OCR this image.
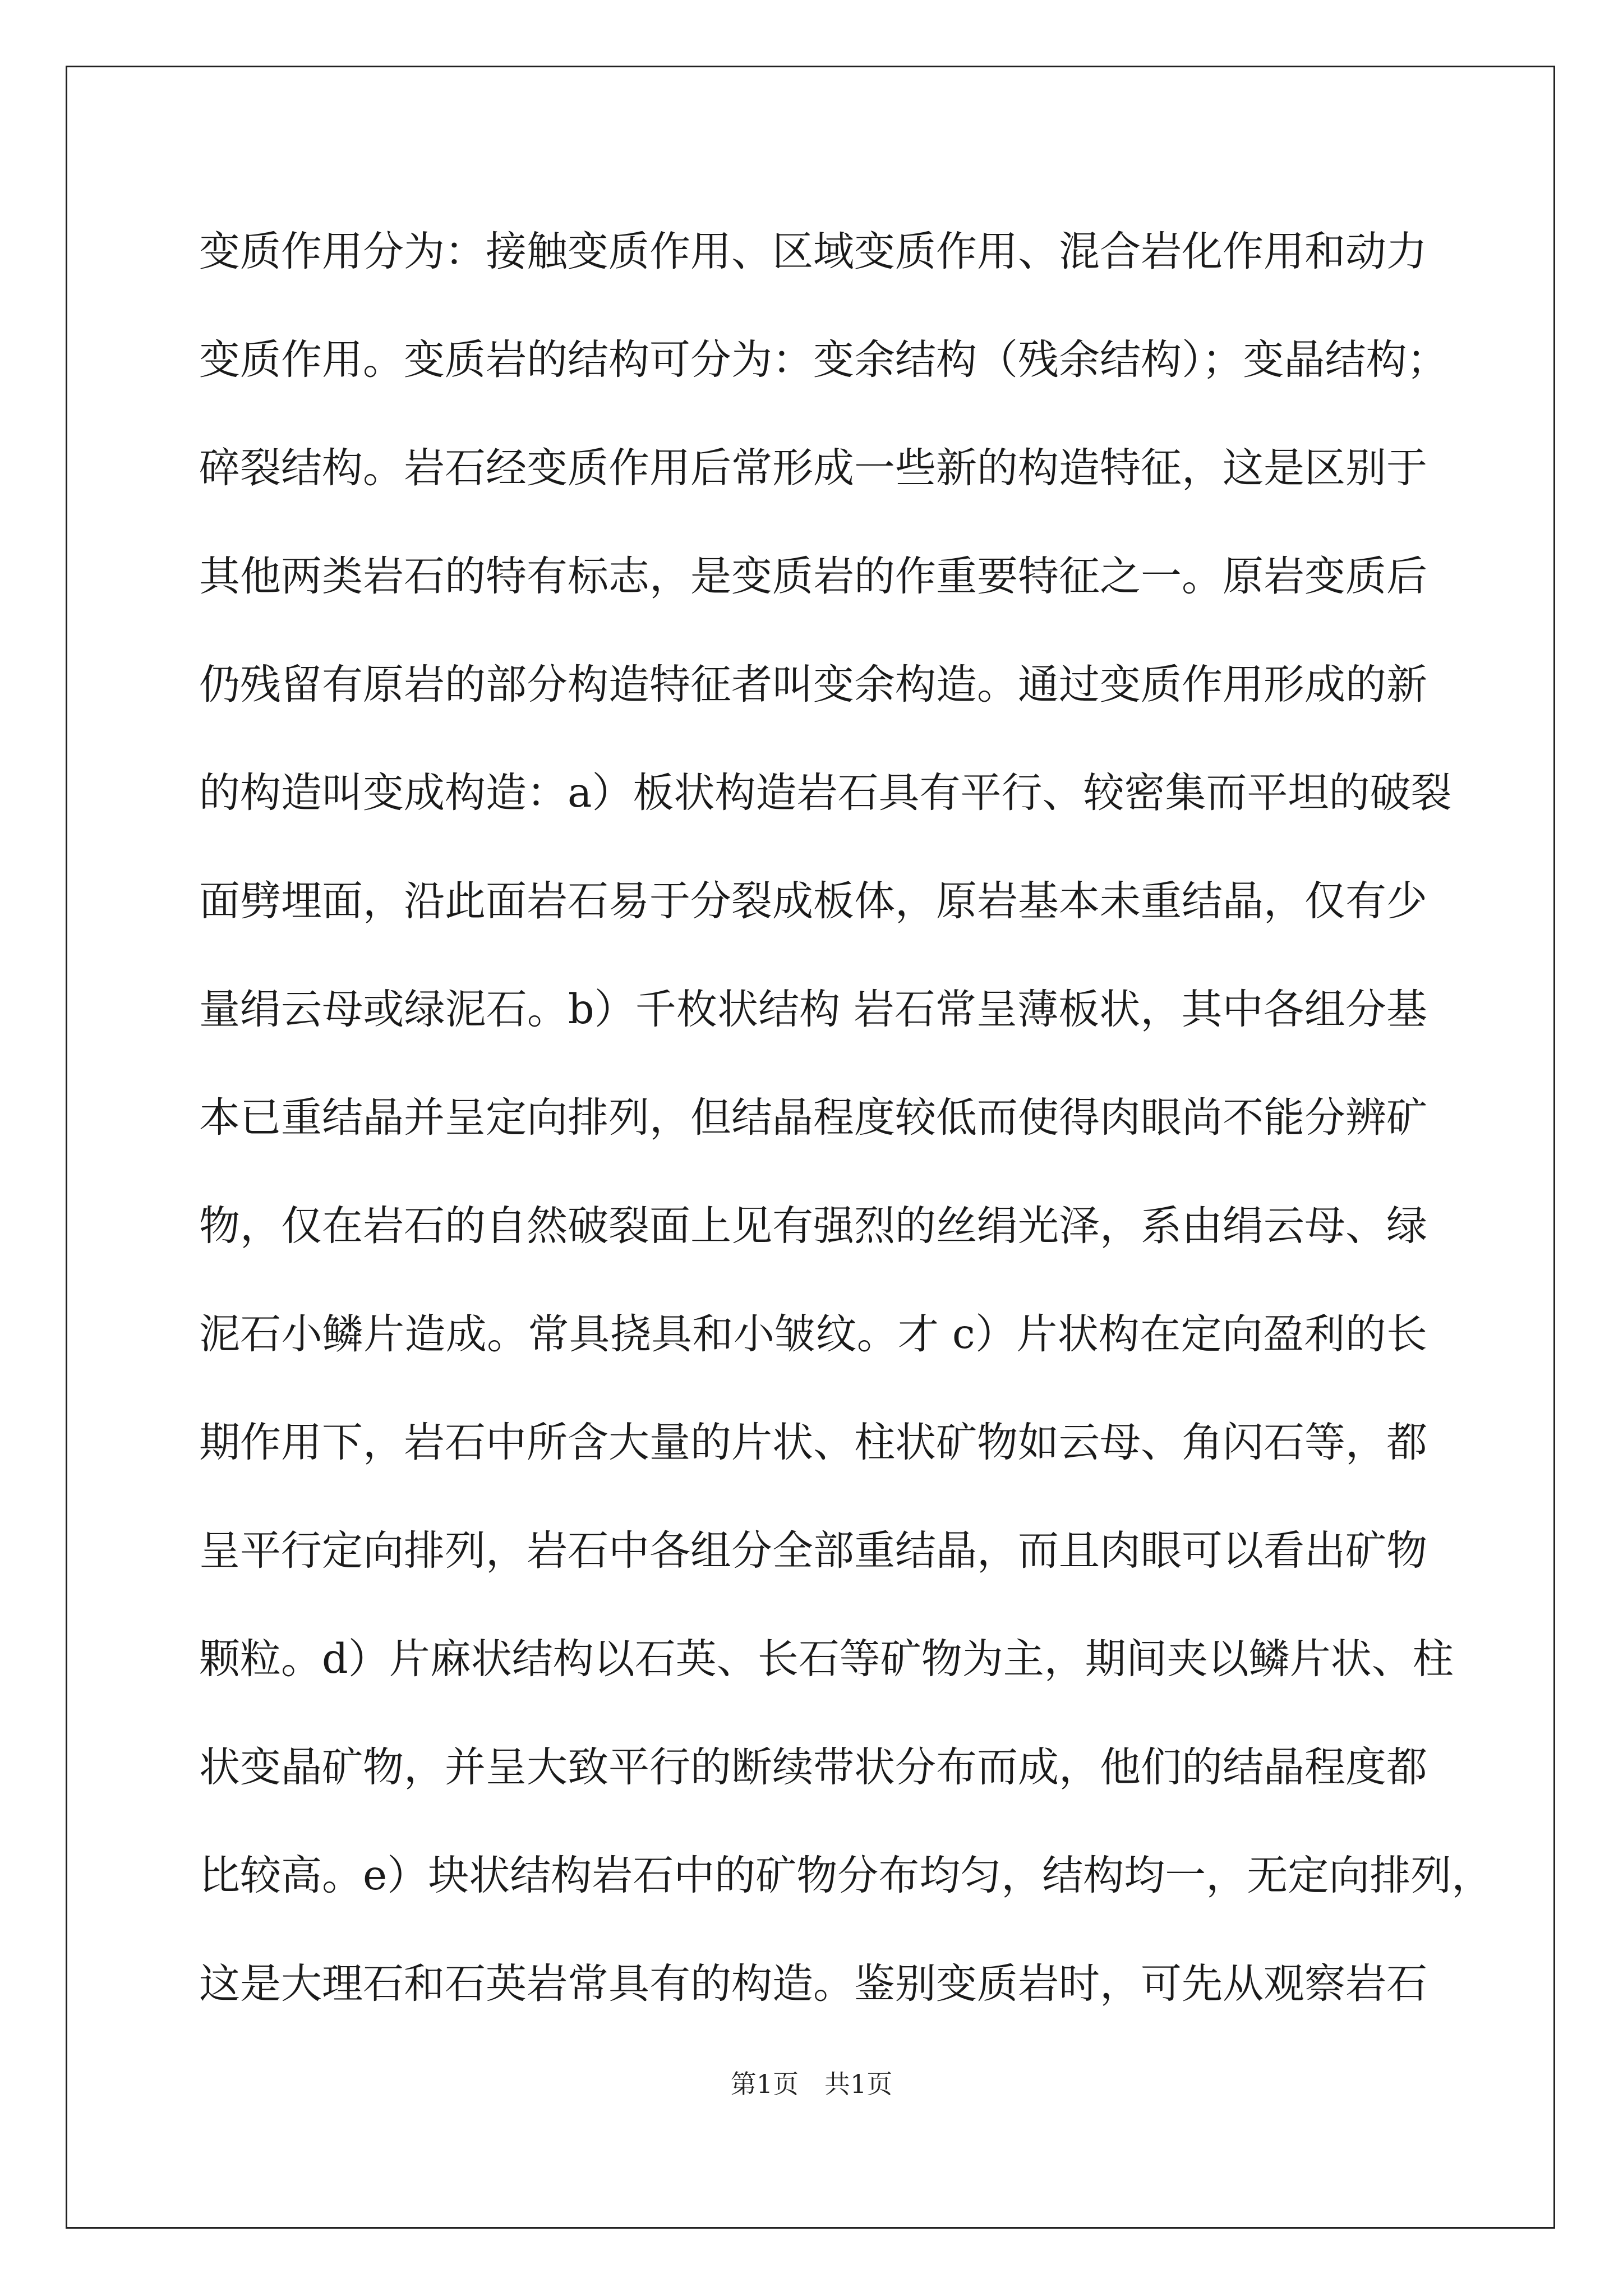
变质作用分为：接触变质作用、区域变质作用、混合岩化作用和动力
变质作用。变质岩的结构可分为：变余结构（残余结构）；变晶结构；
碎裂结构。岩石经变质作用后常形成一些新的构造特征，这是区别于
其他两类岩石的特有标志，是变质岩的作重要特征之一。原岩变质后
仍残留有原岩的部分构造特征者叫变余构造。通过变质作用形成的新
的构造叫变成构造：a）板状构造岩石具有平行、较密集而平坦的破裂
面劈埋面，沿此面岩石易于分裂成板体，原岩基本未重结晶，仅有少
量绢云母或绿泥石。b）千枚状结构 岩石常呈薄板状，其中各组分基
本已重结晶并呈定向排列，但结晶程度较低而使得肉眼尚不能分辨矿
物，仅在岩石的自然破裂面上见有强烈的丝绢光泽，系由绢云母、绿
泥石小鳞片造成。常具挠具和小皱纹。才 c）片状构在定向盈利的长
期作用下，岩石中所含大量的片状、柱状矿物如云母、角闪石等，都
呈平行定向排列，岩石中各组分全部重结晶，而且肉眼可以看出矿物
颗粒。d）片麻状结构以石英、长石等矿物为主，期间夹以鳞片状、柱
状变晶矿物，并呈大致平行的断续带状分布而成，他们的结晶程度都
比较高。e）块状结构岩石中的矿物分布均匀，结构均一，无定向排列，
这是大理石和石英岩常具有的构造。鉴别变质岩时，可先从观察岩石
第1页　共1页
